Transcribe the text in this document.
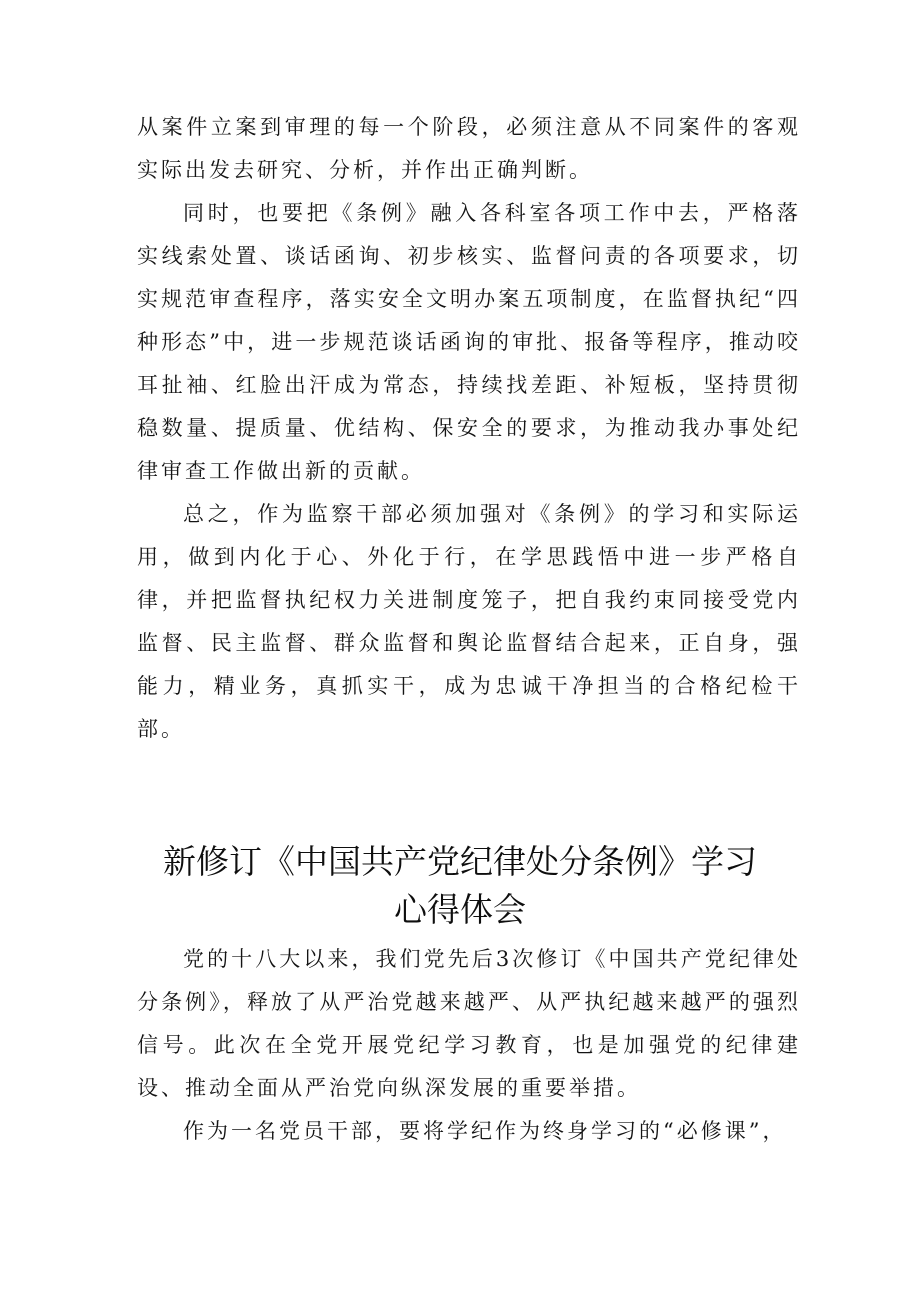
从案件立案到审理的每一个阶段，必须注意从不同案件的客观实际出发去研究、分析，并作出正确判断。

同时，也要把《条例》融入各科室各项工作中去，严格落实线索处置、谈话函询、初步核实、监督问责的各项要求，切实规范审查程序，落实安全文明办案五项制度，在监督执纪“四种形态”中，进一步规范谈话函询的审批、报备等程序，推动咬耳扯袖、红脸出汗成为常态，持续找差距、补短板，坚持贯彻稳数量、提质量、优结构、保安全的要求，为推动我办事处纪律审查工作做出新的贡献。

总之，作为监察干部必须加强对《条例》的学习和实际运用，做到内化于心、外化于行，在学思践悟中进一步严格自律，并把监督执纪权力关进制度笼子，把自我约束同接受党内监督、民主监督、群众监督和舆论监督结合起来，正自身，强能力，精业务，真抓实干，成为忠诚干净担当的合格纪检干部。

新修订《中国共产党纪律处分条例》学习
心得体会

党的十八大以来，我们党先后3次修订《中国共产党纪律处分条例》，释放了从严治党越来越严、从严执纪越来越严的强烈信号。此次在全党开展党纪学习教育，也是加强党的纪律建设、推动全面从严治党向纵深发展的重要举措。

作为一名党员干部，要将学纪作为终身学习的“必修课”，
